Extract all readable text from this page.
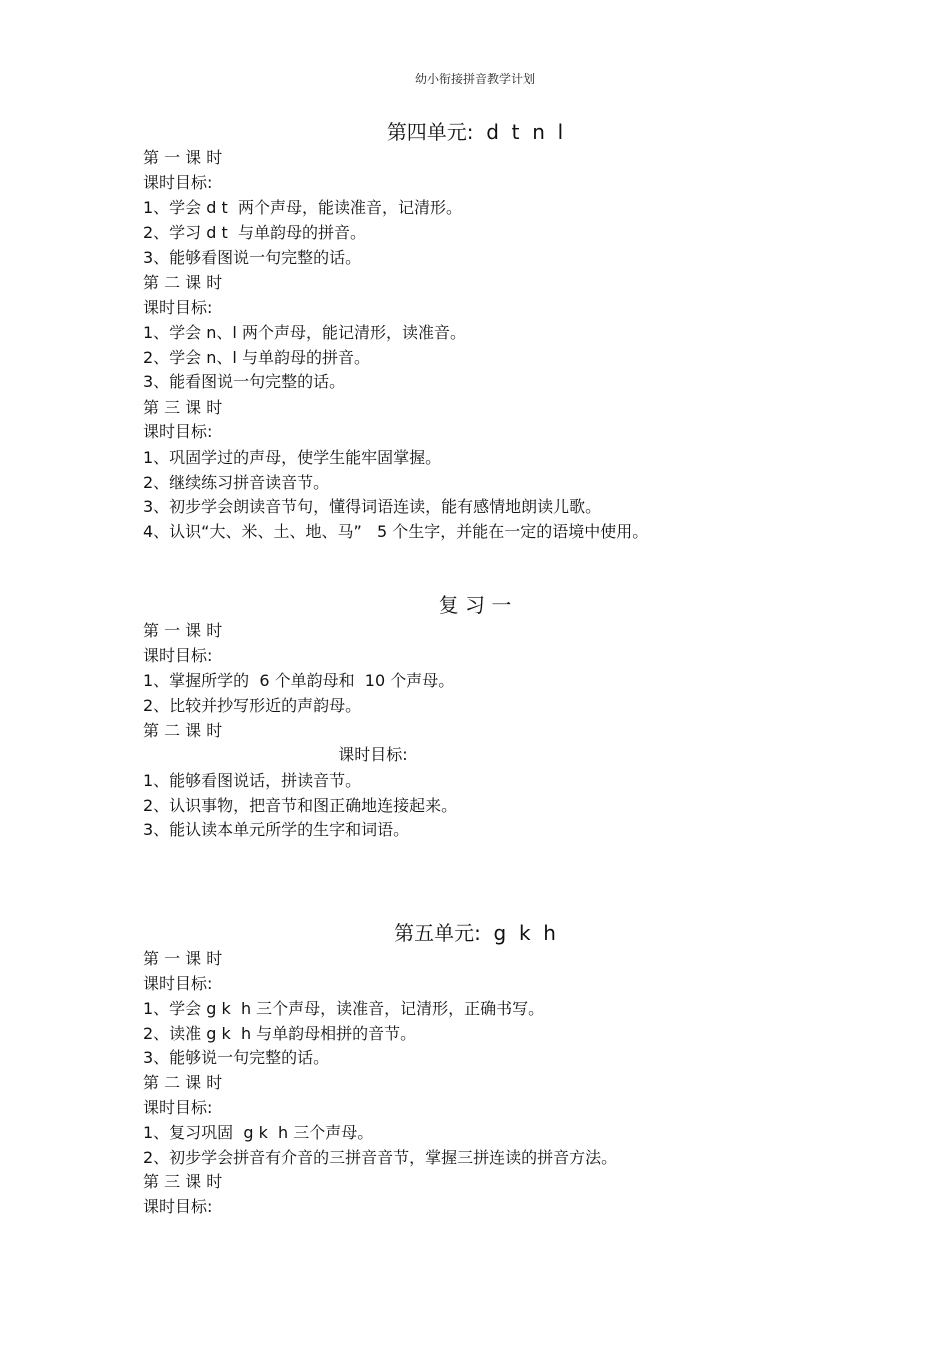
幼小衔接拼音教学计划
第四单元:  d  t  n  l
第 一 课 时
课时目标:
1、学会 d t  两个声母，能读准音，记清形。
2、学习 d t  与单韵母的拼音。
3、能够看图说一句完整的话。
第 二 课 时
课时目标:
1、学会 n、l 两个声母，能记清形，读准音。
2、学会 n、l 与单韵母的拼音。
3、能看图说一句完整的话。
第 三 课 时
课时目标:
1、巩固学过的声母，使学生能牢固掌握。
2、继续练习拼音读音节。
3、初步学会朗读音节句，懂得词语连读，能有感情地朗读儿歌。
4、认识“大、米、土、地、马”   5 个生字，并能在一定的语境中使用。
复 习 一
第 一 课 时
课时目标:
1、掌握所学的  6 个单韵母和  10 个声母。
2、比较并抄写形近的声韵母。
第 二 课 时
课时目标:
1、能够看图说话，拼读音节。
2、认识事物，把音节和图正确地连接起来。
3、能认读本单元所学的生字和词语。
第五单元:  g  k  h
第 一 课 时
课时目标:
1、学会 g k  h 三个声母，读准音，记清形，正确书写。
2、读准 g k  h 与单韵母相拼的音节。
3、能够说一句完整的话。
第 二 课 时
课时目标:
1、复习巩固  g k  h 三个声母。
2、初步学会拼音有介音的三拼音音节，掌握三拼连读的拼音方法。
第 三 课 时
课时目标:
